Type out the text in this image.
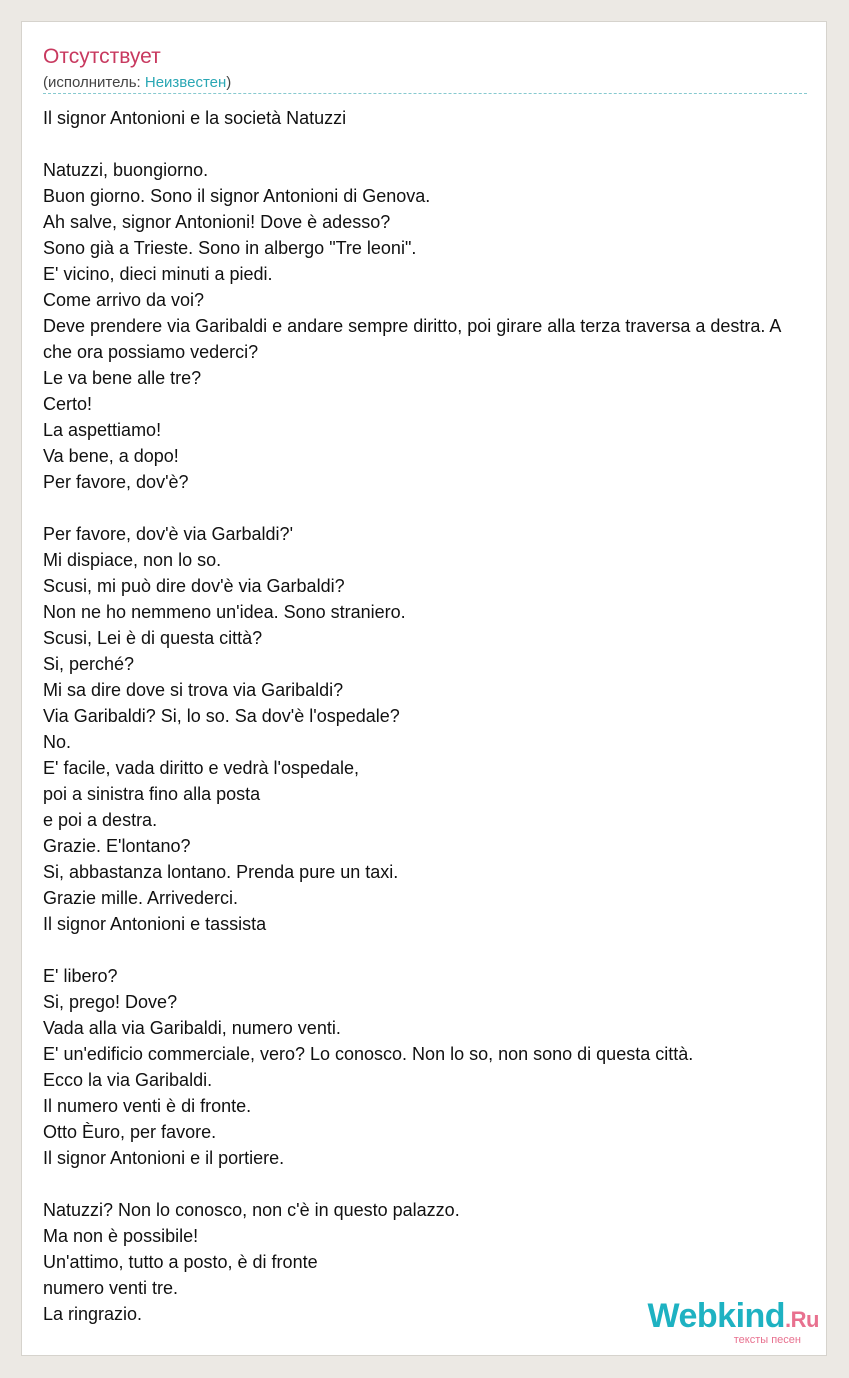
Отсутствует
(исполнитель: Неизвестен)
Il signor Antonioni e la società Natuzzi
Natuzzi, buongiorno.
Buon giorno. Sono il signor Antonioni di Genova.
Ah salve, signor Antonioni! Dove è adesso?
Sono già a Trieste. Sono in albergo "Tre leoni".
E' vicino, dieci minuti a piedi.
Come arrivo da voi?
Deve prendere via Garibaldi e andare sempre diritto, poi girare alla terza traversa a destra. A
che ora possiamo vederci?
Le va bene alle tre?
Certo!
La aspettiamo!
Va bene, a dopo!
Per favore, dov'è?
Per favore, dov'è via Garbaldi?'
Mi dispiace, non lo so.
Scusi, mi può dire dov'è via Garbaldi?
Non ne ho nemmeno un'idea. Sono straniero.
Scusi, Lei è di questa città?
Si, perché?
Mi sa dire dove si trova via Garibaldi?
Via Garibaldi? Si, lo so. Sa dov'è l'ospedale?
No.
E' facile, vada diritto e vedrà l'ospedale,
poi a sinistra fino alla posta
e poi a destra.
Grazie. E'lontano?
Si, abbastanza lontano. Prenda pure un taxi.
Grazie mille. Arrivederci.
Il signor Antonioni e tassista
E' libero?
Si, prego! Dove?
Vada alla via Garibaldi, numero venti.
E' un'edificio commerciale, vero? Lo conosco. Non lo so, non sono di questa città.
Ecco la via Garibaldi.
Il numero venti è di fronte.
Otto Èuro, per favore.
Il signor Antonioni e il portiere.
Natuzzi? Non lo conosco, non c'è in questo palazzo.
Ma non è possibile!
Un'attimo, tutto a posto, è di fronte
numero venti tre.
La ringrazio.	Webkind.Ru
тексты песен
